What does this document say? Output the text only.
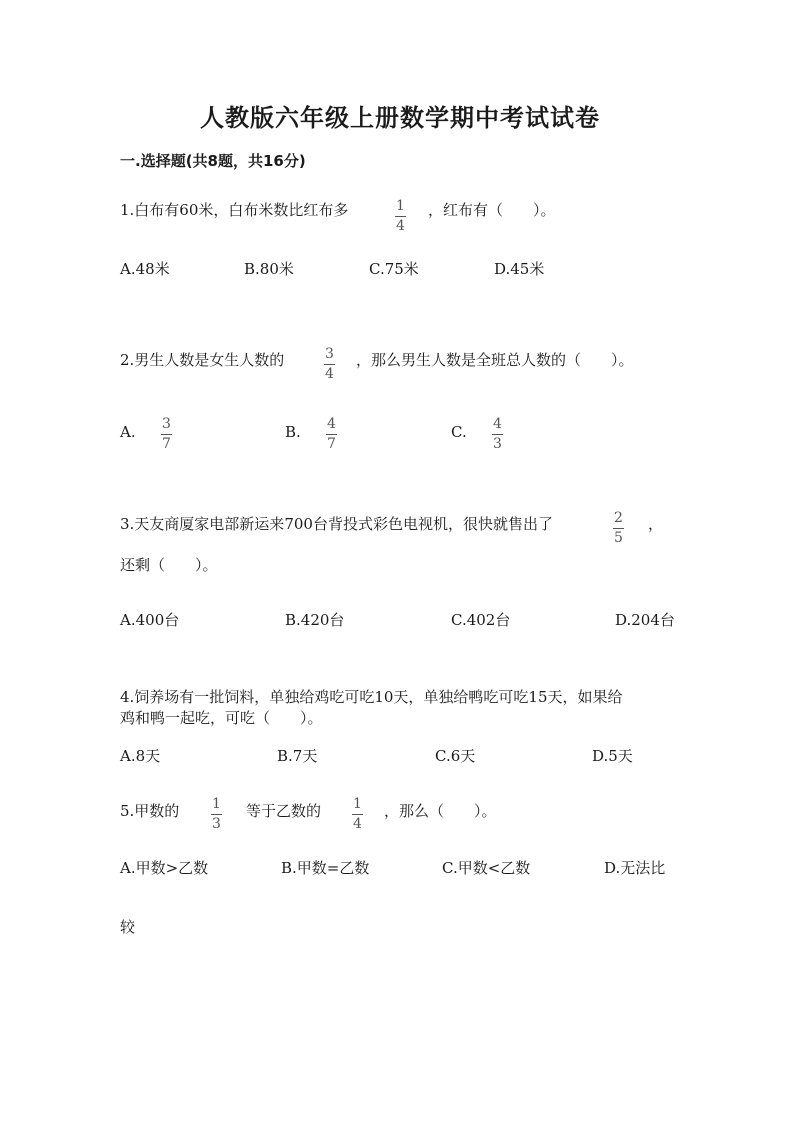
人教版六年级上册数学期中考试试卷
一.选择题(共8题，共16分)
1.白布有60米，白布米数比红布多	1
4
，红布有（　　）。
A.48米	B.80米	C.75米	D.45米
2.男生人数是女生人数的	3
4
，那么男生人数是全班总人数的（　　）。
A. 3
7
B. 4
7
C. 4
3
3.天友商厦家电部新运来700台背投式彩色电视机，很快就售出了	2
5
，
还剩（　　）。
A.400台	B.420台	C.402台	D.204台
4.饲养场有一批饲料，单独给鸡吃可吃10天，单独给鸭吃可吃15天，如果给
鸡和鸭一起吃，可吃（　　）。
A.8天	B.7天	C.6天	D.5天
5.甲数的 1
3
等于乙数的 1
4
，那么（　　）。
A.甲数>乙数	B.甲数=乙数	C.甲数<乙数	D.无法比
较
